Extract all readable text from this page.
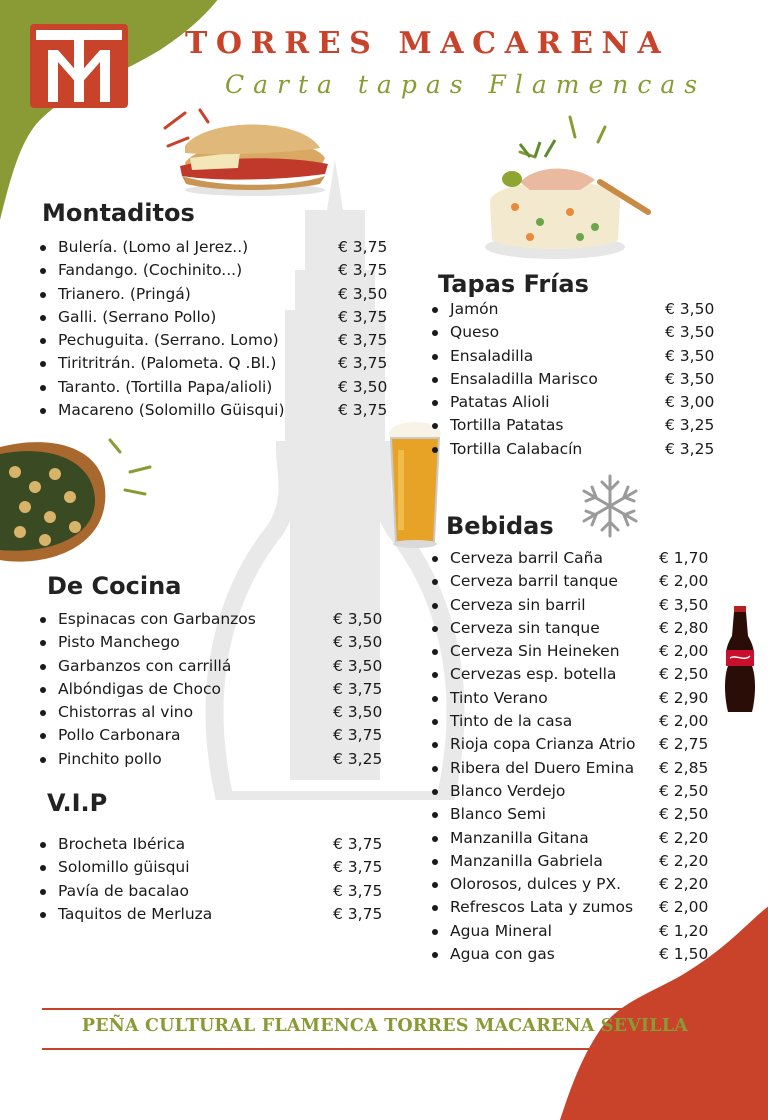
TORRES MACARENA
Carta tapas Flamencas
Montaditos
Bulería. (Lomo al Jerez..)	€ 3,75
Fandango. (Cochinito...)	€ 3,75
Trianero. (Pringá)	€ 3,50
Galli. (Serrano Pollo)	€ 3,75
Pechuguita. (Serrano. Lomo)	€ 3,75
Tiritritrán. (Palometa. Q .Bl.)	€ 3,75
Taranto. (Tortilla Papa/alioli)	€ 3,50
Macareno (Solomillo Güisqui)	€ 3,75
Tapas Frías
Jamón	€ 3,50
Queso	€ 3,50
Ensaladilla	€ 3,50
Ensaladilla Marisco	€ 3,50
Patatas Alioli	€ 3,00
Tortilla Patatas	€ 3,25
Tortilla Calabacín	€ 3,25
De Cocina
Espinacas con Garbanzos	€ 3,50
Pisto Manchego	€ 3,50
Garbanzos con carrillá	€ 3,50
Albóndigas de Choco	€ 3,75
Chistorras al vino	€ 3,50
Pollo Carbonara	€ 3,75
Pinchito pollo	€ 3,25
V.I.P
Brocheta Ibérica	€ 3,75
Solomillo güisqui	€ 3,75
Pavía de bacalao	€ 3,75
Taquitos de Merluza	€ 3,75
Bebidas
Cerveza barril Caña	€ 1,70
Cerveza barril tanque	€ 2,00
Cerveza sin barril	€ 3,50
Cerveza sin tanque	€ 2,80
Cerveza Sin Heineken	€ 2,00
Cervezas esp. botella	€ 2,50
Tinto Verano	€ 2,90
Tinto de la casa	€ 2,00
Rioja copa Crianza Atrio € 2,75
Ribera del Duero Emina € 2,85
Blanco Verdejo	€ 2,50
Blanco Semi	€ 2,50
Manzanilla Gitana	€ 2,20
Manzanilla Gabriela	€ 2,20
Olorosos, dulces y PX. € 2,20
Refrescos Lata y zumos € 2,00
Agua Mineral	€ 1,20
Agua con gas	€ 1,50
PEÑA CULTURAL FLAMENCA TORRES MACARENA SEVILLA
